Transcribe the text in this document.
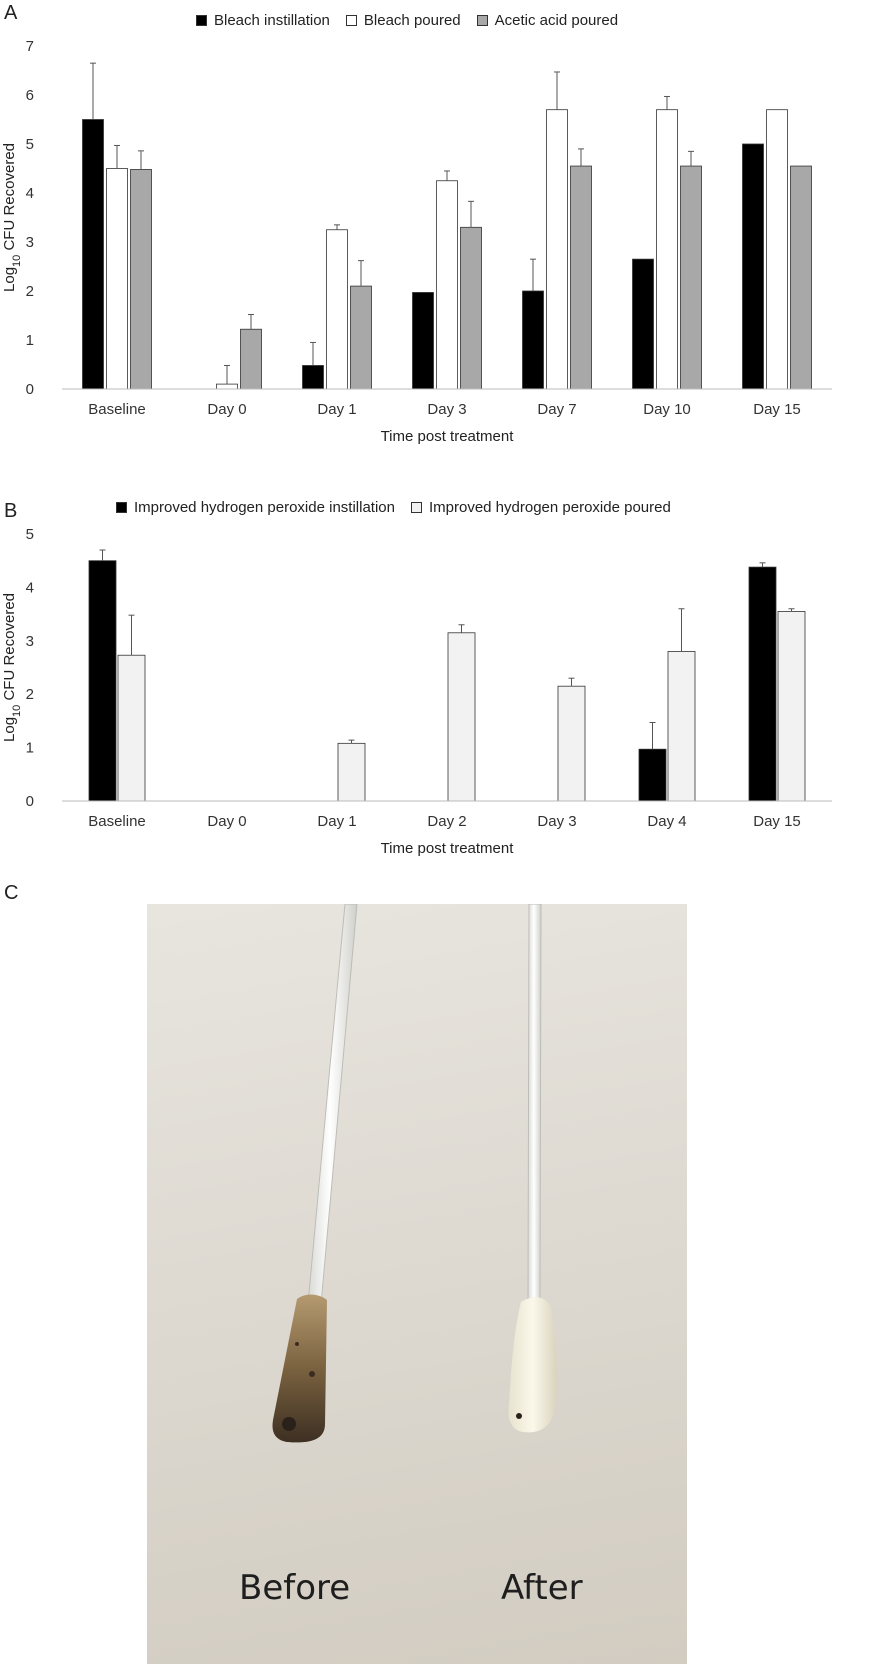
A
B
C
Bleach instillation Bleach poured Acetic acid poured
Improved hydrogen peroxide instillation Improved hydrogen peroxide poured
0
1
2
3
4
5
6
7
Baseline	Day 0	Day 1	Day 3	Day 7	Day 10	Day 15
Time post treatment
Log$_{10}$ CFU Recovered
0
1
2
3
4
5
Baseline	Day 0	Day 1	Day 2	Day 3	Day 4	Day 15
Time post treatment
Log$_{10}$ CFU Recovered
Before	After
